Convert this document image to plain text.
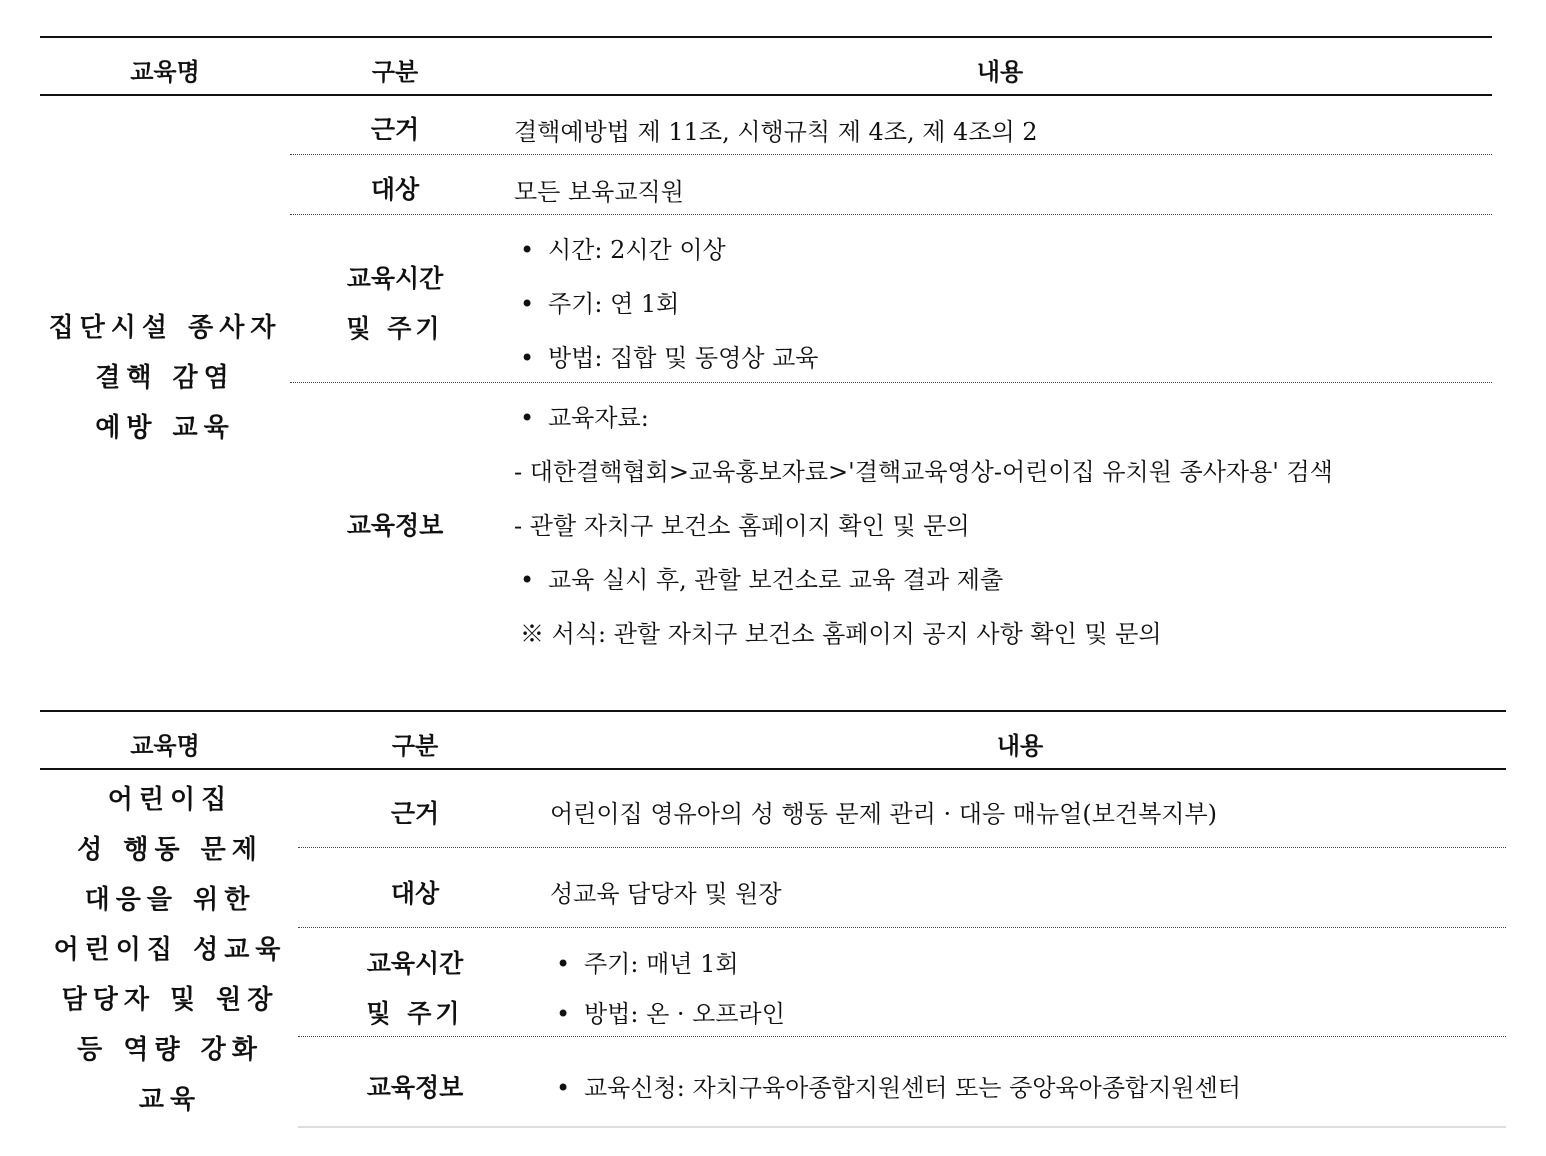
교육명	구분	내용
집단시설 종사자
결핵 감염
예방 교육
근거	결핵예방법 제 11조, 시행규칙 제 4조, 제 4조의 2
대상	모든 보육교직원
교육시간
및 주기
• 시간: 2시간 이상
• 주기: 연 1회
• 방법: 집합 및 동영상 교육
교육정보
• 교육자료:
- 대한결핵협회>교육홍보자료>'결핵교육영상-어린이집 유치원 종사자용' 검색
- 관할 자치구 보건소 홈페이지 확인 및 문의
• 교육 실시 후, 관할 보건소로 교육 결과 제출
※ 서식: 관할 자치구 보건소 홈페이지 공지 사항 확인 및 문의
교육명	구분	내용
어린이집
성 행동 문제
대응을 위한
어린이집 성교육
담당자 및 원장
등 역량 강화
교육
근거	어린이집 영유아의 성 행동 문제 관리 · 대응 매뉴얼(보건복지부)
대상	성교육 담당자 및 원장
교육시간
및 주기
• 주기: 매년 1회
• 방법: 온 · 오프라인
교육정보
•	교육신청: 자치구육아종합지원센터 또는 중앙육아종합지원센터
